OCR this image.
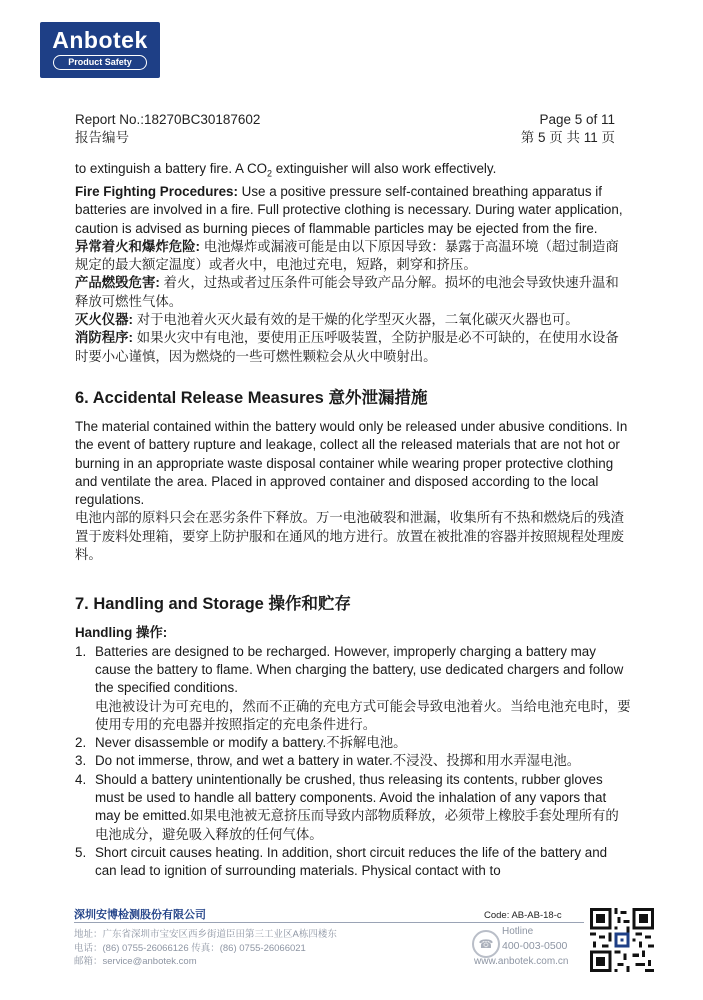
Anbotek
Product Safety
Report No.:18270BC30187602
报告编号
Page 5 of 11
第 5 页 共 11 页

to extinguish a battery fire. A $CO_2$ extinguisher will also work effectively.

Fire Fighting Procedures: Use a positive pressure self-contained breathing apparatus if batteries are involved in a fire. Full protective clothing is necessary. During water application, caution is advised as burning pieces of flammable particles may be ejected from the fire.

异常着火和爆炸危险: 电池爆炸或漏液可能是由以下原因导致：暴露于高温环境（超过制造商规定的最大额定温度）或者火中，电池过充电，短路，刺穿和挤压。

产品燃毁危害: 着火，过热或者过压条件可能会导致产品分解。损坏的电池会导致快速升温和释放可燃性气体。

灭火仪器: 对于电池着火灭火最有效的是干燥的化学型灭火器，二氧化碳灭火器也可。

消防程序: 如果火灾中有电池，要使用正压呼吸装置，全防护服是必不可缺的，在使用水设备时要小心谨慎，因为燃烧的一些可燃性颗粒会从火中喷射出。

6. Accidental Release Measures 意外泄漏措施

The material contained within the battery would only be released under abusive conditions. In the event of battery rupture and leakage, collect all the released materials that are not hot or burning in an appropriate waste disposal container while wearing proper protective clothing and ventilate the area. Placed in approved container and disposed according to the local regulations.

电池内部的原料只会在恶劣条件下释放。万一电池破裂和泄漏，收集所有不热和燃烧后的残渣置于废料处理箱，要穿上防护服和在通风的地方进行。放置在被批准的容器并按照规程处理废料。

7. Handling and Storage 操作和贮存

Handling 操作:

1. Batteries are designed to be recharged. However, improperly charging a battery may cause the battery to flame. When charging the battery, use dedicated chargers and follow the specified conditions.
电池被设计为可充电的，然而不正确的充电方式可能会导致电池着火。当给电池充电时，要使用专用的充电器并按照指定的充电条件进行。
2. Never disassemble or modify a battery.不拆解电池。
3. Do not immerse, throw, and wet a battery in water.不浸没、投掷和用水弄湿电池。
4. Should a battery unintentionally be crushed, thus releasing its contents, rubber gloves must be used to handle all battery components. Avoid the inhalation of any vapors that may be emitted.如果电池被无意挤压而导致内部物质释放，必须带上橡胶手套处理所有的电池成分，避免吸入释放的任何气体。
5. Short circuit causes heating. In addition, short circuit reduces the life of the battery and can lead to ignition of surrounding materials. Physical contact with to
深圳安博检测股份有限公司	Code: AB-AB-18-c
地址：广东省深圳市宝安区西乡街道臣田第三工业区A栋四楼东
电话：(86) 0755-26066126 传真：(86) 0755-26066021
邮箱：service@anbotek.com
☎
Hotline
400-003-0500
www.anbotek.com.cn
